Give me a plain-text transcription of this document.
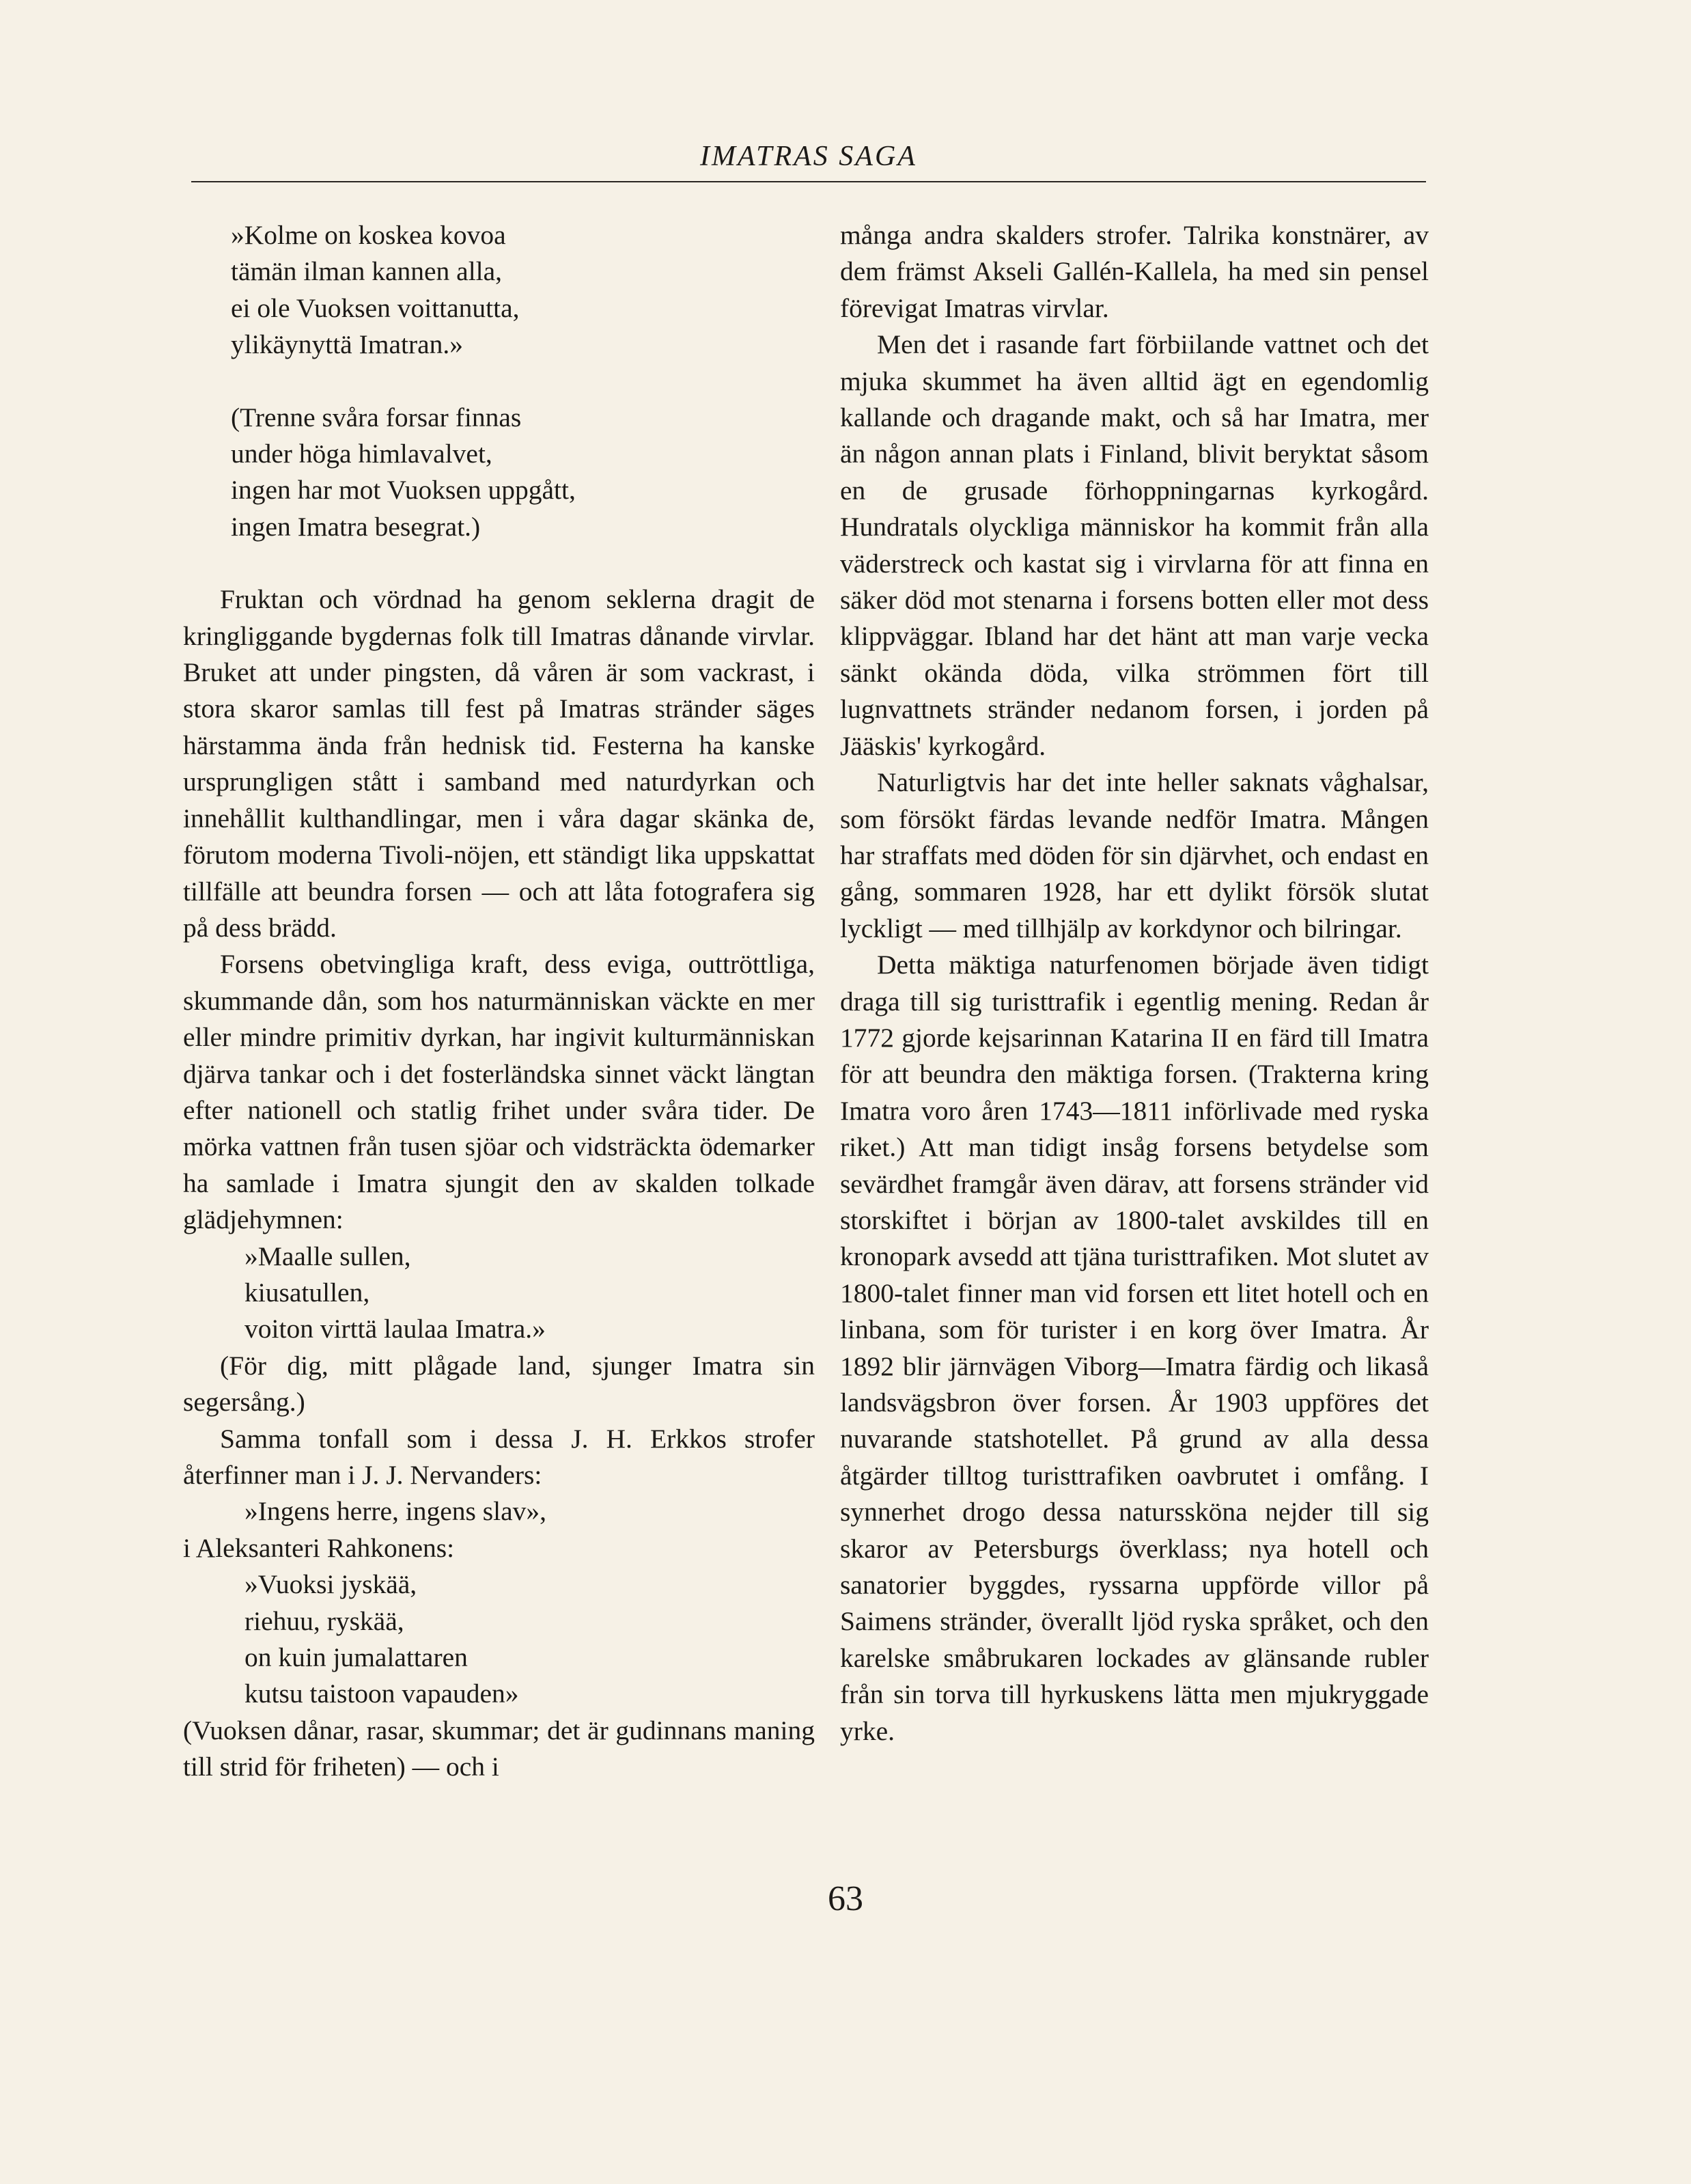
IMATRAS SAGA
»Kolme on koskea kovoa
tämän ilman kannen alla,
ei ole Vuoksen voittanutta,
ylikäynyttä Imatran.»
(Trenne svåra forsar finnas
under höga himlavalvet,
ingen har mot Vuoksen uppgått,
ingen Imatra besegrat.)

Fruktan och vördnad ha genom seklerna dragit de kringliggande bygdernas folk till Imatras dånande virvlar. Bruket att under pingsten, då våren är som vackrast, i stora skaror samlas till fest på Imatras stränder säges härstamma ända från hednisk tid. Festerna ha kanske ursprungligen stått i samband med naturdyrkan och innehållit kulthandlingar, men i våra dagar skänka de, förutom moderna Tivoli-nöjen, ett ständigt lika uppskattat tillfälle att beundra forsen — och att låta fotografera sig på dess brädd.

Forsens obetvingliga kraft, dess eviga, outtröttliga, skummande dån, som hos naturmänniskan väckte en mer eller mindre primitiv dyrkan, har ingivit kulturmänniskan djärva tankar och i det fosterländska sinnet väckt längtan efter nationell och statlig frihet under svåra tider. De mörka vattnen från tusen sjöar och vidsträckta ödemarker ha samlade i Imatra sjungit den av skalden tolkade glädjehymnen:

»Maalle sullen,
kiusatullen,
voiton virttä laulaa Imatra.»

(För dig, mitt plågade land, sjunger Imatra sin segersång.)

Samma tonfall som i dessa J. H. Erkkos strofer återfinner man i J. J. Nervanders:

»Ingens herre, ingens slav»,

i Aleksanteri Rahkonens:

»Vuoksi jyskää,
riehuu, ryskää,
on kuin jumalattaren
kutsu taistoon vapauden»

(Vuoksen dånar, rasar, skummar; det är gudinnans maning till strid för friheten) — och i

många andra skalders strofer. Talrika konstnärer, av dem främst Akseli Gallén-Kallela, ha med sin pensel förevigat Imatras virvlar.

Men det i rasande fart förbiilande vattnet och det mjuka skummet ha även alltid ägt en egendomlig kallande och dragande makt, och så har Imatra, mer än någon annan plats i Finland, blivit beryktat såsom en de grusade förhoppningarnas kyrkogård. Hundratals olyckliga människor ha kommit från alla väderstreck och kastat sig i virvlarna för att finna en säker död mot stenarna i forsens botten eller mot dess klippväggar. Ibland har det hänt att man varje vecka sänkt okända döda, vilka strömmen fört till lugnvattnets stränder nedanom forsen, i jorden på Jääskis' kyrkogård.

Naturligtvis har det inte heller saknats våghalsar, som försökt färdas levande nedför Imatra. Mången har straffats med döden för sin djärvhet, och endast en gång, sommaren 1928, har ett dylikt försök slutat lyckligt — med tillhjälp av korkdynor och bilringar.

Detta mäktiga naturfenomen började även tidigt draga till sig turisttrafik i egentlig mening. Redan år 1772 gjorde kejsarinnan Katarina II en färd till Imatra för att beundra den mäktiga forsen. (Trakterna kring Imatra voro åren 1743—1811 införlivade med ryska riket.) Att man tidigt insåg forsens betydelse som sevärdhet framgår även därav, att forsens stränder vid storskiftet i början av 1800-talet avskildes till en kronopark avsedd att tjäna turisttrafiken. Mot slutet av 1800-talet finner man vid forsen ett litet hotell och en linbana, som för turister i en korg över Imatra. År 1892 blir järnvägen Viborg—Imatra färdig och likaså landsvägsbron över forsen. År 1903 uppföres det nuvarande statshotellet. På grund av alla dessa åtgärder tilltog turisttrafiken oavbrutet i omfång. I synnerhet drogo dessa naturssköna nejder till sig skaror av Petersburgs överklass; nya hotell och sanatorier byggdes, ryssarna uppförde villor på Saimens stränder, överallt ljöd ryska språket, och den karelske småbrukaren lockades av glänsande rubler från sin torva till hyrkuskens lätta men mjukryggade yrke.

63
